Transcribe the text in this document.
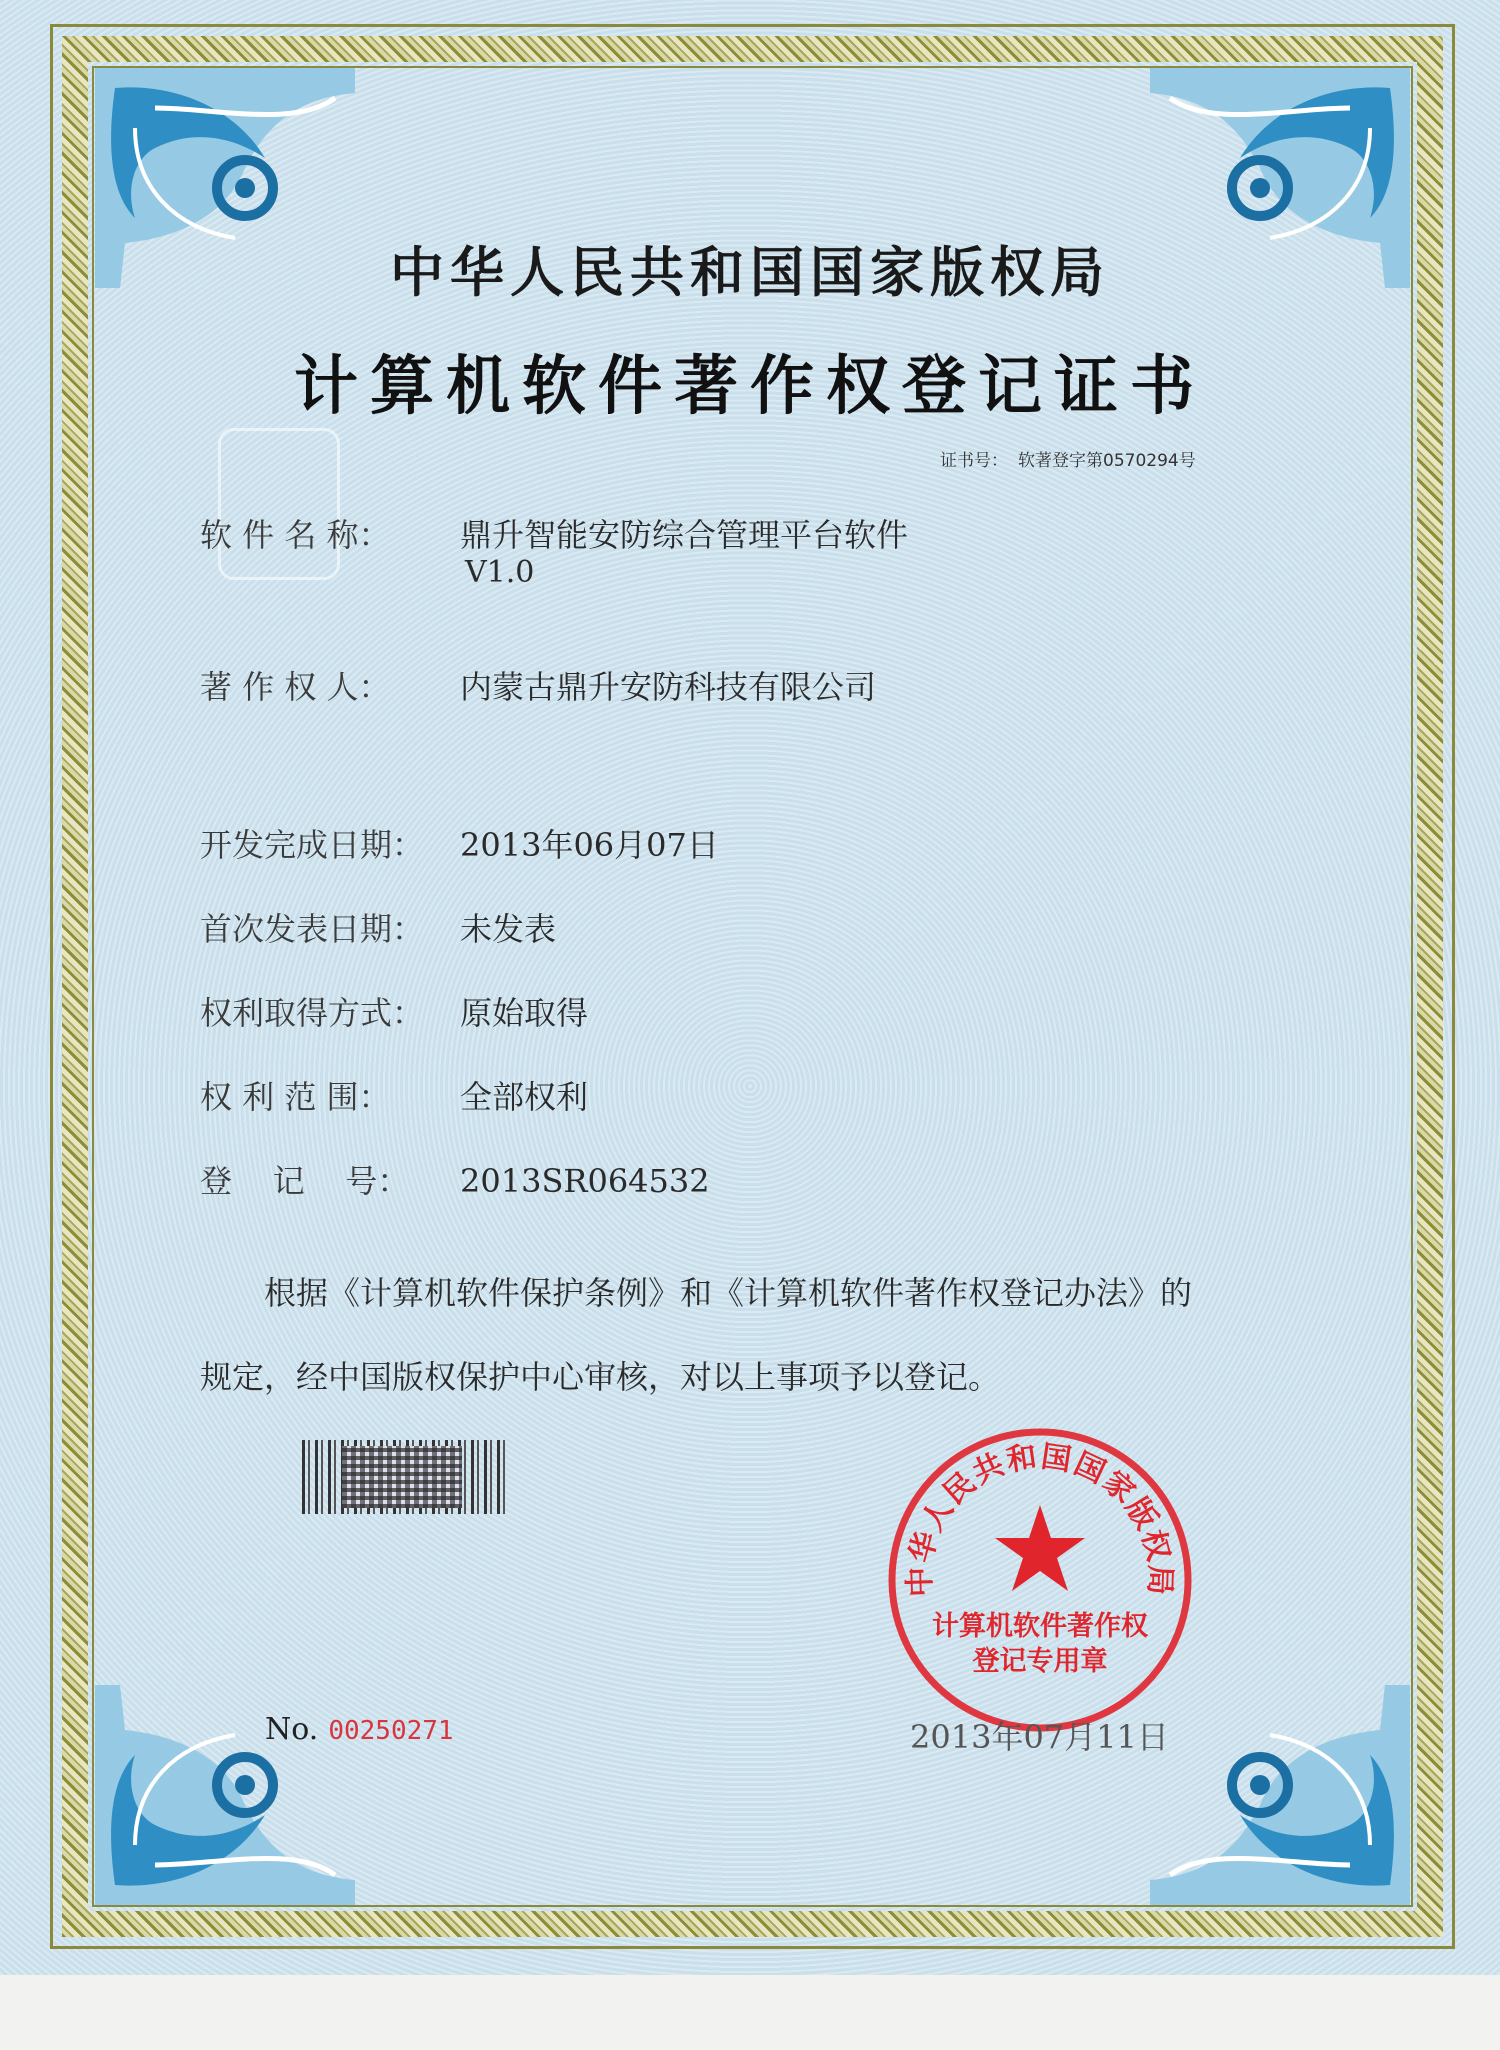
中华人民共和国国家版权局
计算机软件著作权登记证书
证书号： 软著登字第0570294号
软 件 名 称： 鼎升智能安防综合管理平台软件
V1.0
著 作 权 人： 内蒙古鼎升安防科技有限公司
开发完成日期： 2013年06月07日
首次发表日期： 未发表
权利取得方式： 原始取得
权 利 范 围： 全部权利
登    记    号： 2013SR064532
根据《计算机软件保护条例》和《计算机软件著作权登记办法》的
规定，经中国版权保护中心审核，对以上事项予以登记。
中华人民共和国国家版权局
计算机软件著作权
登记专用章
No. 00250271	2013年07月11日
